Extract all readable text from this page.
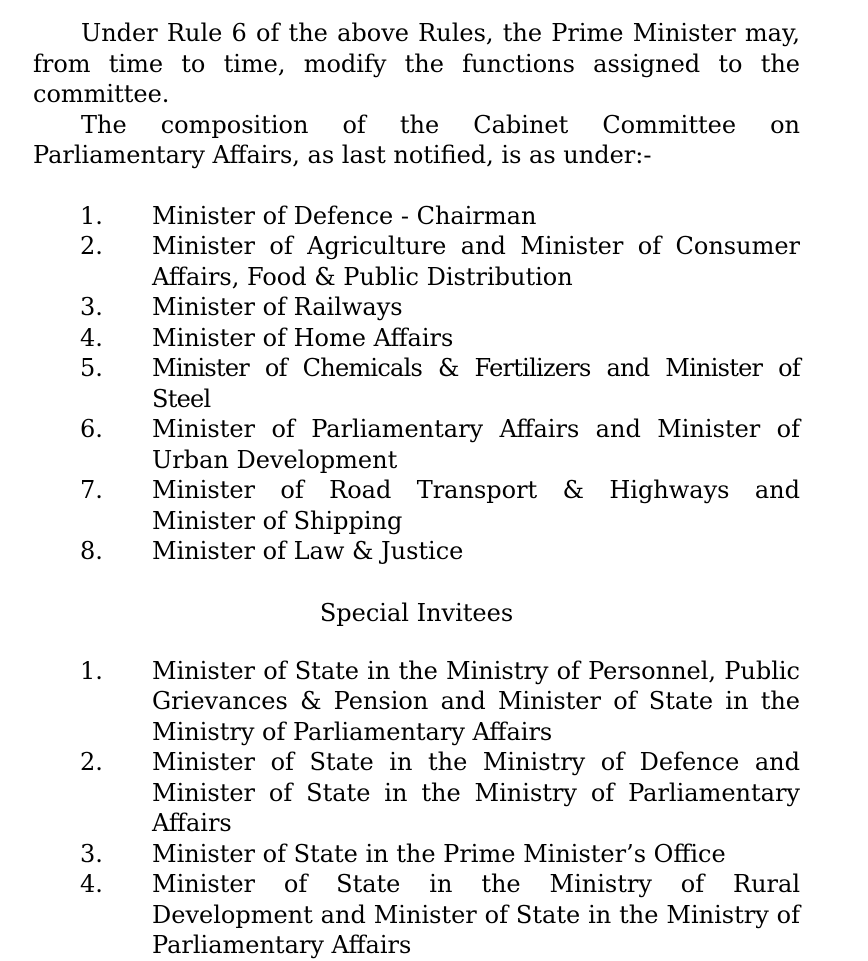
Under Rule 6 of the above Rules, the Prime Minister may, from time to time, modify the functions assigned to the committee.

The composition of the Cabinet Committee on Parliamentary Affairs, as last notified, is as under:-

1.	Minister of Defence - Chairman
2.	Minister of Agriculture and Minister of Consumer Affairs, Food & Public Distribution
3.	Minister of Railways
4.	Minister of Home Affairs
5.	Minister of Chemicals & Fertilizers and Minister of Steel
6.	Minister of Parliamentary Affairs and Minister of Urban Development
7.	Minister of Road Transport & Highways and Minister of Shipping
8.	Minister of Law & Justice
Special Invitees
1.	Minister of State in the Ministry of Personnel, Public Grievances & Pension and Minister of State in the Ministry of Parliamentary Affairs
2.	Minister of State in the Ministry of Defence and Minister of State in the Ministry of Parliamentary Affairs
3.	Minister of State in the Prime Minister’s Office
4.	Minister of State in the Ministry of Rural Development and Minister of State in the Ministry of Parliamentary Affairs
